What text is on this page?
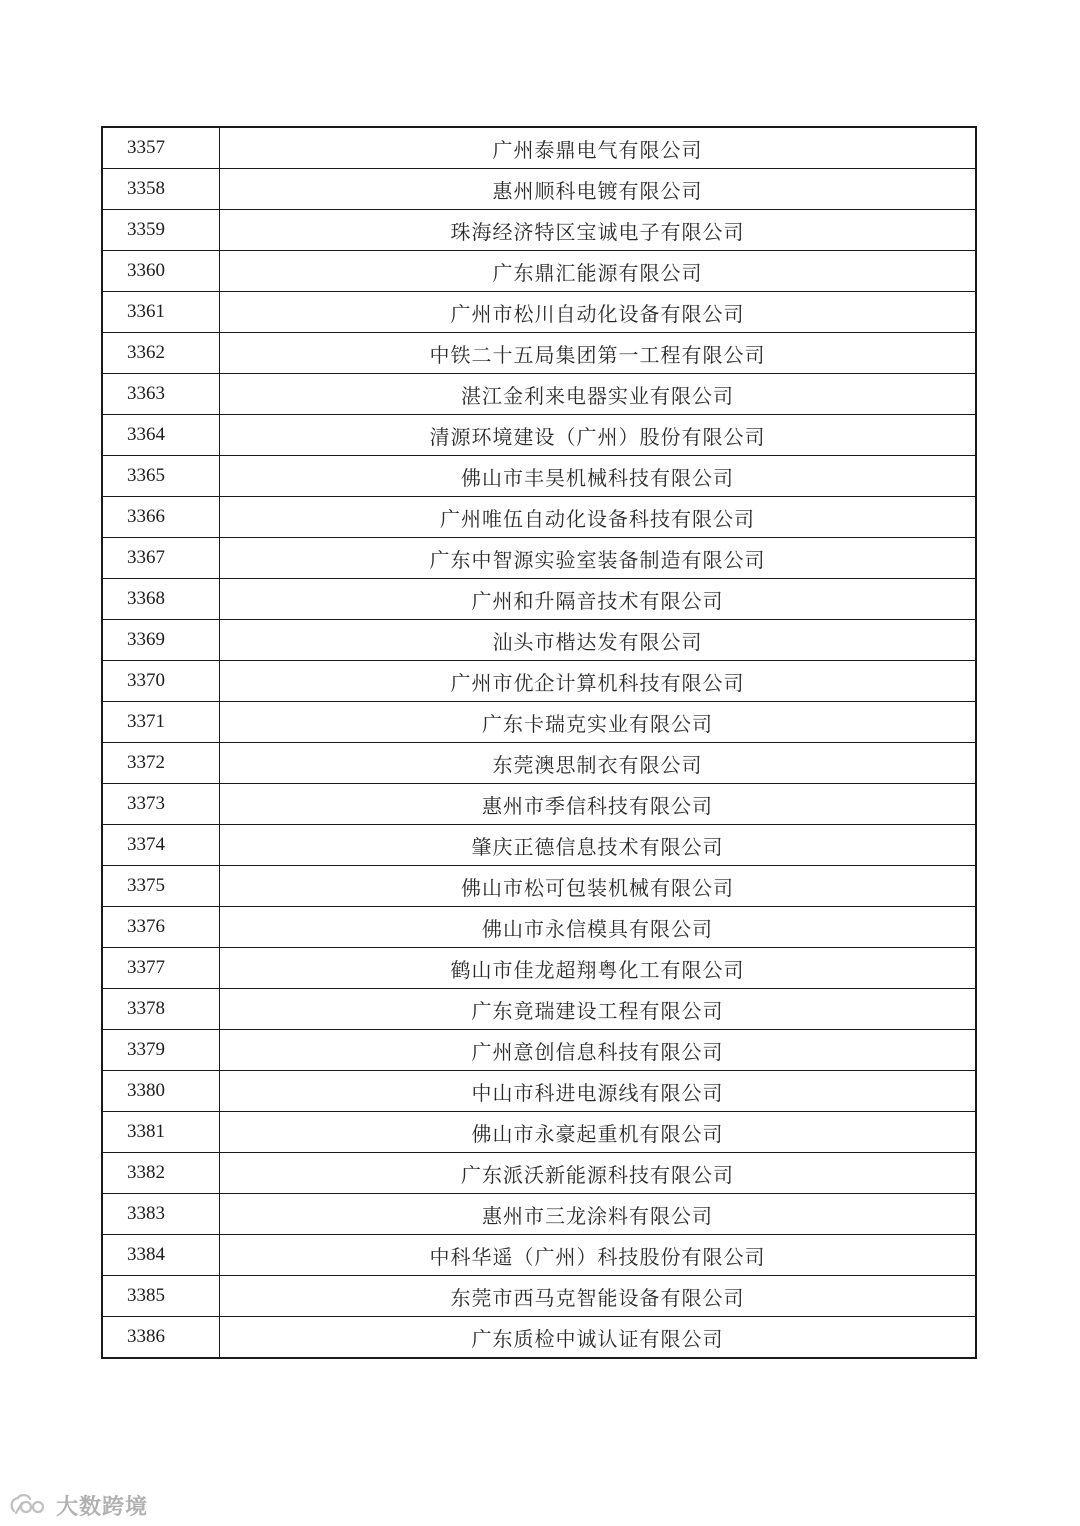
3357	广州泰鼎电气有限公司
3358	惠州顺科电镀有限公司
3359	珠海经济特区宝诚电子有限公司
3360	广东鼎汇能源有限公司
3361	广州市松川自动化设备有限公司
3362	中铁二十五局集团第一工程有限公司
3363	湛江金利来电器实业有限公司
3364	清源环境建设（广州）股份有限公司
3365	佛山市丰昊机械科技有限公司
3366	广州唯伍自动化设备科技有限公司
3367	广东中智源实验室装备制造有限公司
3368	广州和升隔音技术有限公司
3369	汕头市楷达发有限公司
3370	广州市优企计算机科技有限公司
3371	广东卡瑞克实业有限公司
3372	东莞澳思制衣有限公司
3373	惠州市季信科技有限公司
3374	肇庆正德信息技术有限公司
3375	佛山市松可包装机械有限公司
3376	佛山市永信模具有限公司
3377	鹤山市佳龙超翔粤化工有限公司
3378	广东竟瑞建设工程有限公司
3379	广州意创信息科技有限公司
3380	中山市科进电源线有限公司
3381	佛山市永豪起重机有限公司
3382	广东派沃新能源科技有限公司
3383	惠州市三龙涂料有限公司
3384	中科华遥（广州）科技股份有限公司
3385	东莞市西马克智能设备有限公司
3386	广东质检中诚认证有限公司
大数跨境
